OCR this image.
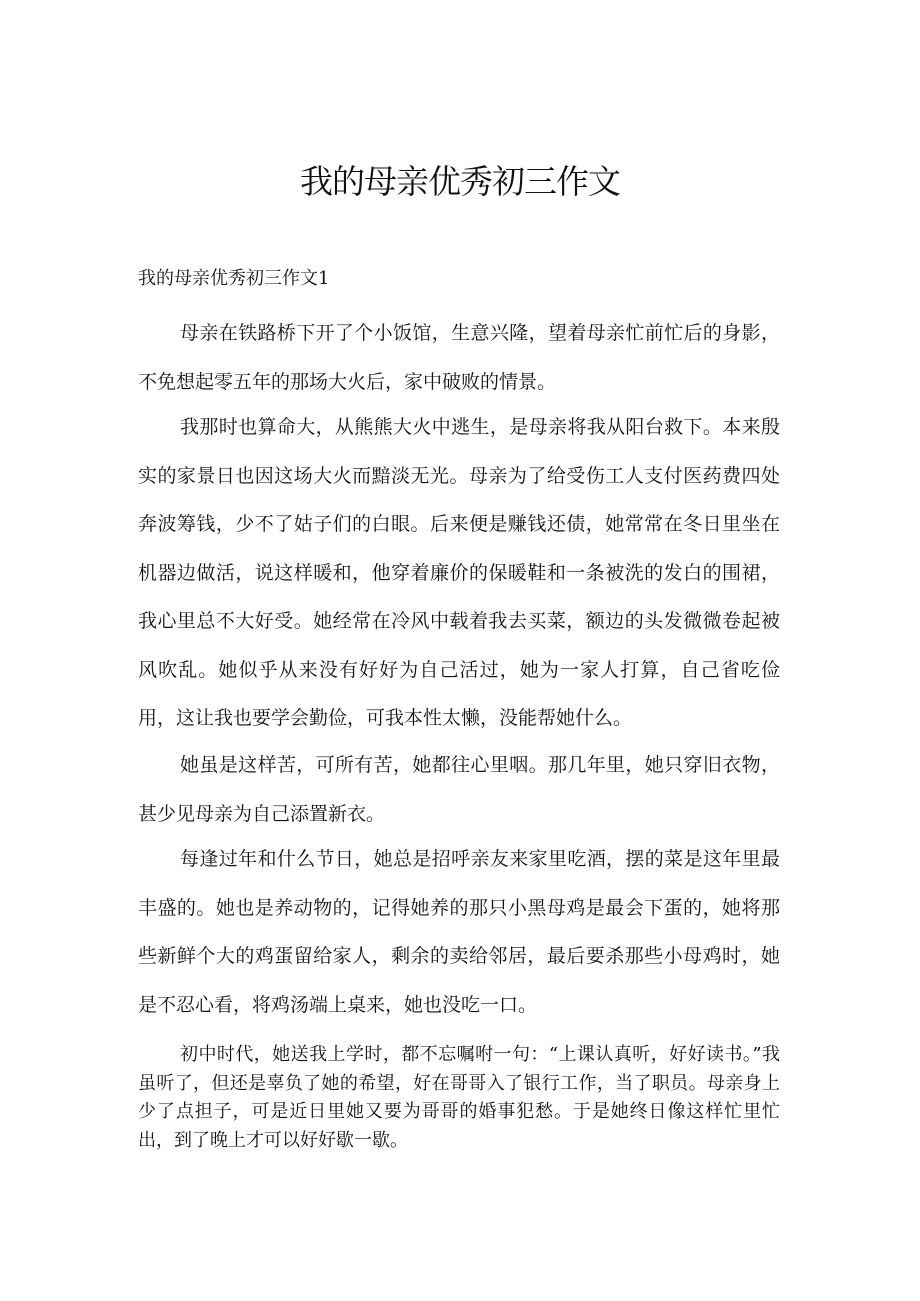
我的母亲优秀初三作文

我的母亲优秀初三作文1

母亲在铁路桥下开了个小饭馆，生意兴隆，望着母亲忙前忙后的身影，不免想起零五年的那场大火后，家中破败的情景。

我那时也算命大，从熊熊大火中逃生，是母亲将我从阳台救下。本来殷实的家景日也因这场大火而黯淡无光。母亲为了给受伤工人支付医药费四处奔波筹钱，少不了姑子们的白眼。后来便是赚钱还债，她常常在冬日里坐在机器边做活，说这样暖和，他穿着廉价的保暖鞋和一条被洗的发白的围裙，我心里总不大好受。她经常在冷风中载着我去买菜，额边的头发微微卷起被风吹乱。她似乎从来没有好好为自己活过，她为一家人打算，自己省吃俭用，这让我也要学会勤俭，可我本性太懒，没能帮她什么。

她虽是这样苦，可所有苦，她都往心里咽。那几年里，她只穿旧衣物，甚少见母亲为自己添置新衣。

每逢过年和什么节日，她总是招呼亲友来家里吃酒，摆的菜是这年里最丰盛的。她也是养动物的，记得她养的那只小黑母鸡是最会下蛋的，她将那些新鲜个大的鸡蛋留给家人，剩余的卖给邻居，最后要杀那些小母鸡时，她是不忍心看，将鸡汤端上桌来，她也没吃一口。

初中时代，她送我上学时，都不忘嘱咐一句：“上课认真听，好好读书。”我虽听了，但还是辜负了她的希望，好在哥哥入了银行工作，当了职员。母亲身上少了点担子，可是近日里她又要为哥哥的婚事犯愁。于是她终日像这样忙里忙出，到了晚上才可以好好歇一歇。
